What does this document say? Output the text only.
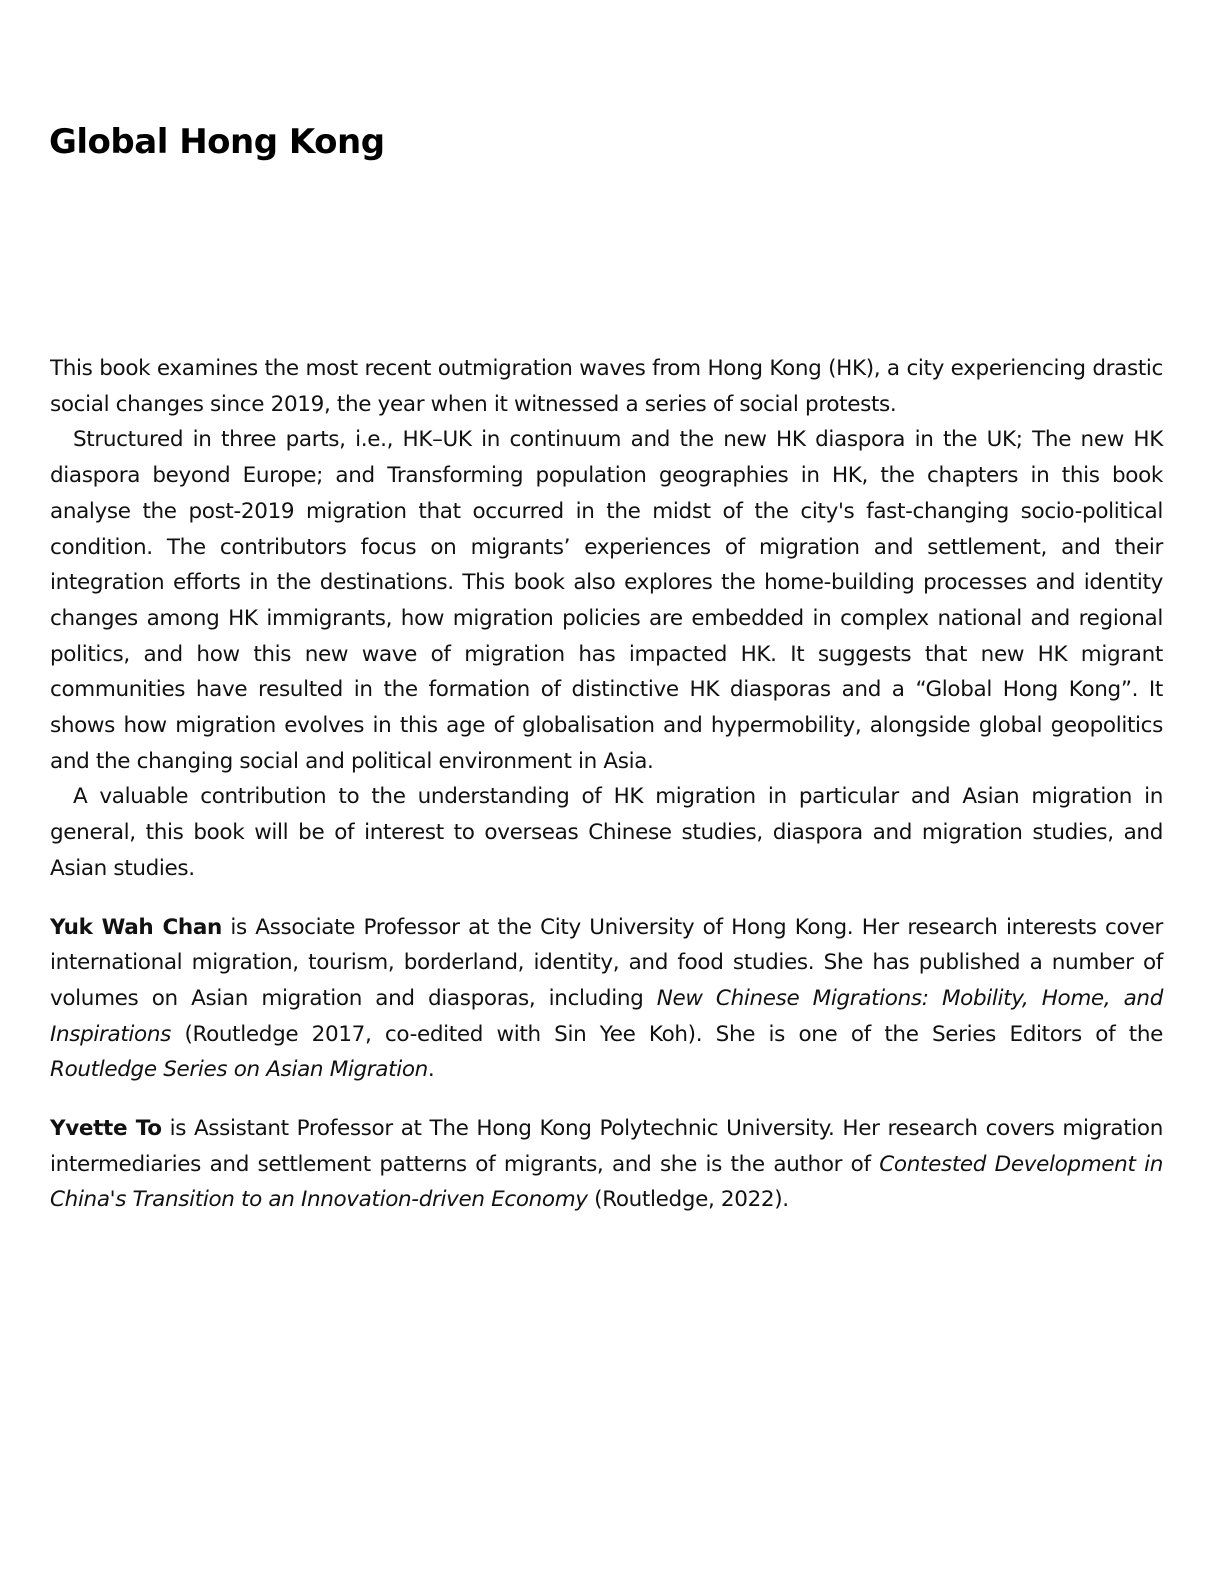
Global Hong Kong

This book examines the most recent outmigration waves from Hong Kong (HK), a city experiencing drastic social changes since 2019, the year when it witnessed a series of social protests.

Structured in three parts, i.e., HK–UK in continuum and the new HK diaspora in the UK; The new HK diaspora beyond Europe; and Transforming population geographies in HK, the chapters in this book analyse the post-2019 migration that occurred in the midst of the city's fast-changing socio-political condition. The contributors focus on migrants’ experiences of migration and settlement, and their integration efforts in the destinations. This book also explores the home-building processes and identity changes among HK immigrants, how migration policies are embedded in complex national and regional politics, and how this new wave of migration has impacted HK. It suggests that new HK migrant communities have resulted in the formation of distinctive HK diasporas and a “Global Hong Kong”. It shows how migration evolves in this age of globalisation and hypermobility, alongside global geopolitics and the changing social and political environment in Asia.

A valuable contribution to the understanding of HK migration in particular and Asian migration in general, this book will be of interest to overseas Chinese studies, diaspora and migration studies, and Asian studies.

Yuk Wah Chan is Associate Professor at the City University of Hong Kong. Her research interests cover international migration, tourism, borderland, identity, and food studies. She has published a number of volumes on Asian migration and diasporas, including New Chinese Migrations: Mobility, Home, and Inspirations (Routledge 2017, co-edited with Sin Yee Koh). She is one of the Series Editors of the Routledge Series on Asian Migration.

Yvette To is Assistant Professor at The Hong Kong Polytechnic University. Her research covers migration intermediaries and settlement patterns of migrants, and she is the author of Contested Development in China's Transition to an Innovation-driven Economy (Routledge, 2022).
